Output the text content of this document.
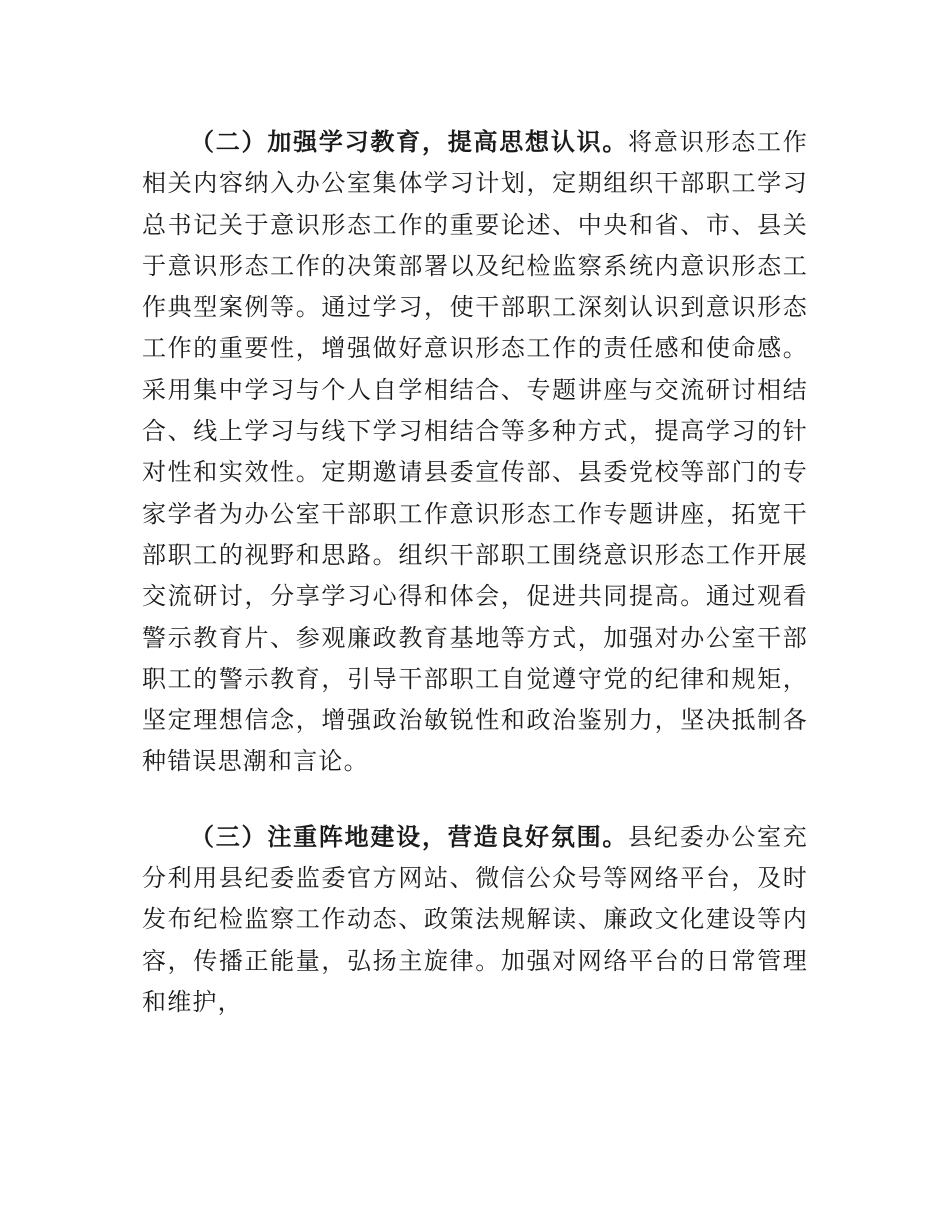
（二）加强学习教育，提高思想认识。将意识形态工作相关内容纳入办公室集体学习计划，定期组织干部职工学习总书记关于意识形态工作的重要论述、中央和省、市、县关于意识形态工作的决策部署以及纪检监察系统内意识形态工作典型案例等。通过学习，使干部职工深刻认识到意识形态工作的重要性，增强做好意识形态工作的责任感和使命感。采用集中学习与个人自学相结合、专题讲座与交流研讨相结合、线上学习与线下学习相结合等多种方式，提高学习的针对性和实效性。定期邀请县委宣传部、县委党校等部门的专家学者为办公室干部职工作意识形态工作专题讲座，拓宽干部职工的视野和思路。组织干部职工围绕意识形态工作开展交流研讨，分享学习心得和体会，促进共同提高。通过观看警示教育片、参观廉政教育基地等方式，加强对办公室干部职工的警示教育，引导干部职工自觉遵守党的纪律和规矩，坚定理想信念，增强政治敏锐性和政治鉴别力，坚决抵制各种错误思潮和言论。

（三）注重阵地建设，营造良好氛围。县纪委办公室充分利用县纪委监委官方网站、微信公众号等网络平台，及时发布纪检监察工作动态、政策法规解读、廉政文化建设等内容，传播正能量，弘扬主旋律。加强对网络平台的日常管理和维护，
